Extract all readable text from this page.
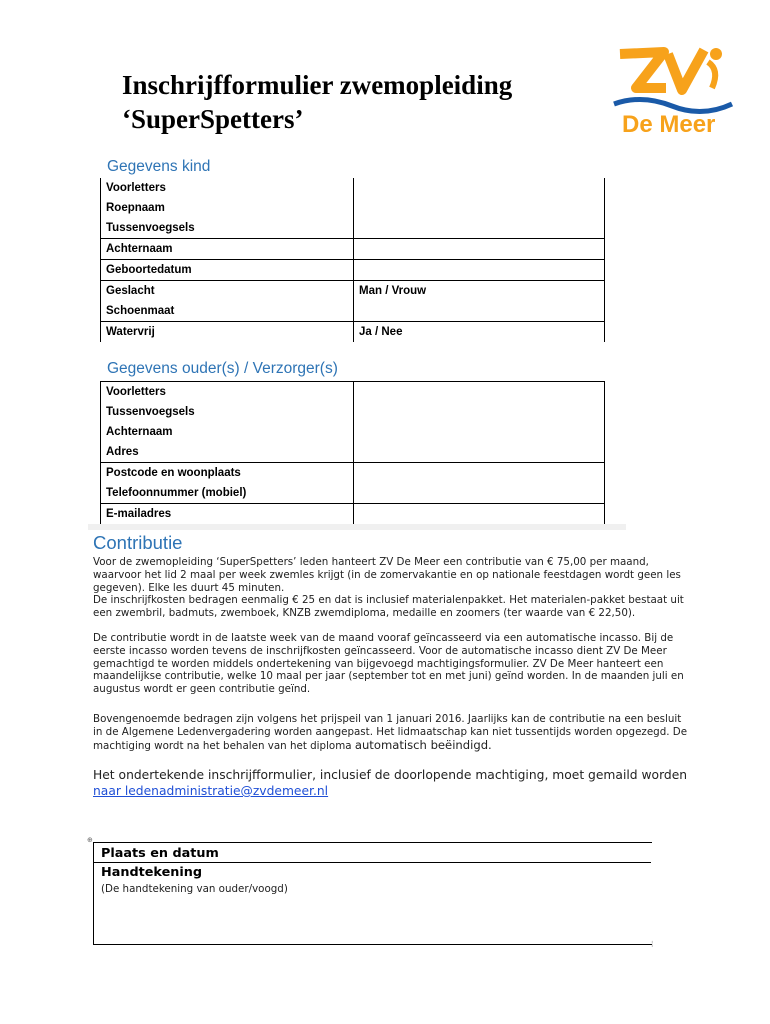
Inschrijfformulier zwemopleiding
‘SuperSpetters’	De Meer
Gegevens kind
Voorletters	
Roepnaam	
Tussenvoegsels	
Achternaam	
Geboortedatum	
Geslacht	Man / Vrouw
Schoenmaat	
Watervrij	Ja / Nee
Gegevens ouder(s) / Verzorger(s)
Voorletters	
Tussenvoegsels	
Achternaam	
Adres	
Postcode en woonplaats	
Telefoonnummer (mobiel)	
E-mailadres	
Contributie
Voor de zwemopleiding ‘SuperSpetters’ leden hanteert ZV De Meer een contributie van € 75,00 per maand, waarvoor het lid 2 maal per week zwemles krijgt (in de zomervakantie en op nationale feestdagen wordt geen les gegeven). Elke les duurt 45 minuten.
De inschrijfkosten bedragen eenmalig € 25 en dat is inclusief materialenpakket. Het materialen-pakket bestaat uit een zwembril, badmuts, zwemboek, KNZB zwemdiploma, medaille en zoomers (ter waarde van € 22,50).

De contributie wordt in de laatste week van de maand vooraf geïncasseerd via een automatische incasso. Bij de eerste incasso worden tevens de inschrijfkosten geïncasseerd. Voor de automatische incasso dient ZV De Meer gemachtigd te worden middels ondertekening van bijgevoegd machtigingsformulier. ZV De Meer hanteert een maandelijkse contributie, welke 10 maal per jaar (september tot en met juni) geïnd worden. In de maanden juli en augustus wordt er geen contributie geïnd.

Bovengenoemde bedragen zijn volgens het prijspeil van 1 januari 2016. Jaarlijks kan de contributie na een besluit in de Algemene Ledenvergadering worden aangepast. Het lidmaatschap kan niet tussentijds worden opgezegd. De machtiging wordt na het behalen van het diploma automatisch beëindigd.

Het ondertekende inschrijfformulier, inclusief de doorlopende machtiging, moet gemaild worden
naar ledenadministratie@zvdemeer.nl

⊕

Plaats en datum

Handtekening

(De handtekening van ouder/voogd)

¦
